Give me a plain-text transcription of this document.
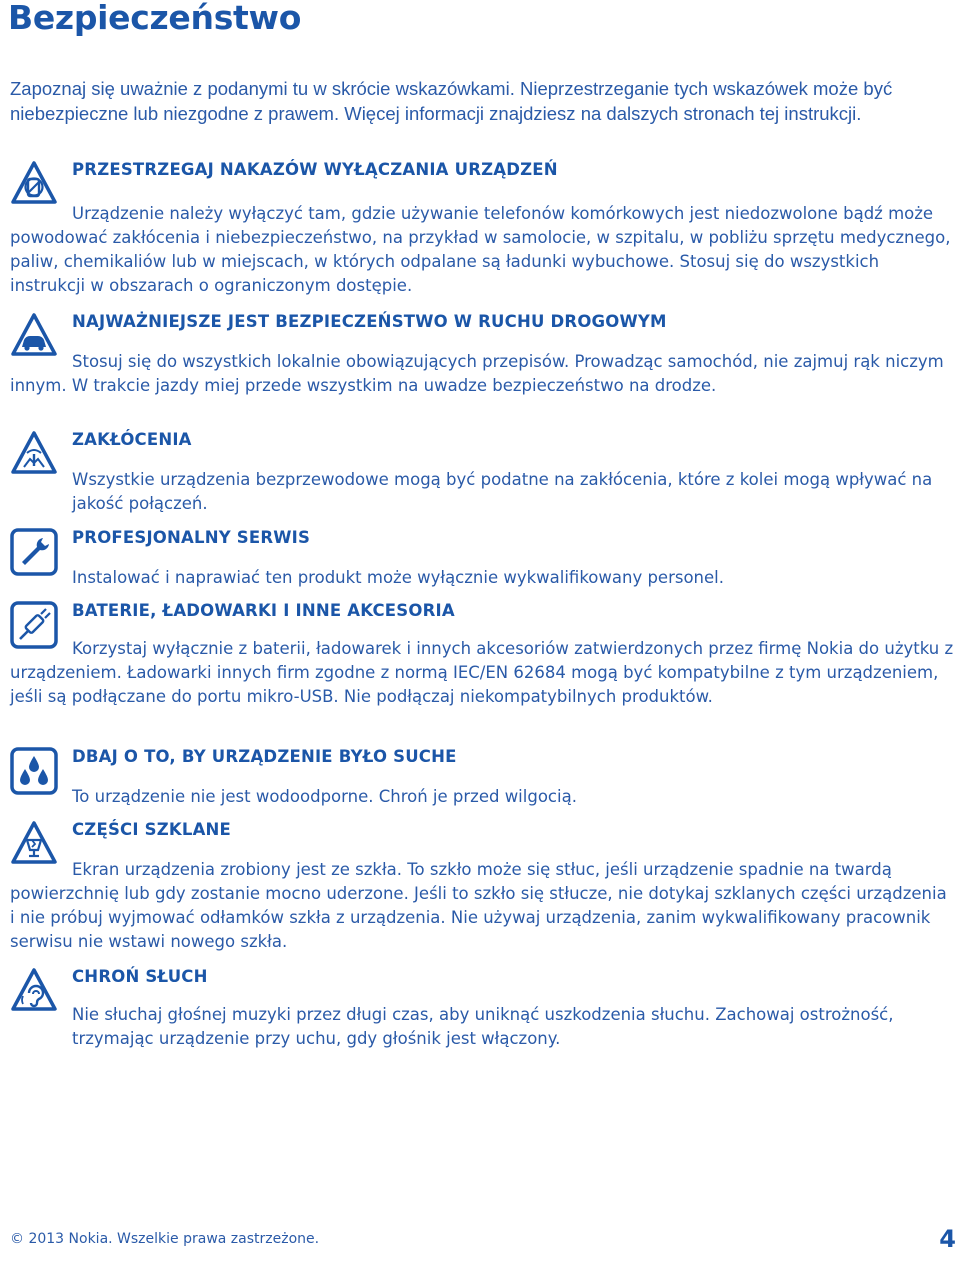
Bezpieczeństwo

Zapoznaj się uważnie z podanymi tu w skrócie wskazówkami. Nieprzestrzeganie tych wskazówek może być niebezpieczne lub niezgodne z prawem. Więcej informacji znajdziesz na dalszych stronach tej instrukcji.

PRZESTRZEGAJ NAKAZÓW WYŁĄCZANIA URZĄDZEŃ

Urządzenie należy wyłączyć tam, gdzie używanie telefonów komórkowych jest niedozwolone bądź może powodować zakłócenia i niebezpieczeństwo, na przykład w samolocie, w szpitalu, w pobliżu sprzętu medycznego, paliw, chemikaliów lub w miejscach, w których odpalane są ładunki wybuchowe. Stosuj się do wszystkich instrukcji w obszarach o ograniczonym dostępie.

NAJWAŻNIEJSZE JEST BEZPIECZEŃSTWO W RUCHU DROGOWYM

Stosuj się do wszystkich lokalnie obowiązujących przepisów. Prowadząc samochód, nie zajmuj rąk niczym innym. W trakcie jazdy miej przede wszystkim na uwadze bezpieczeństwo na drodze.

ZAKŁÓCENIA

Wszystkie urządzenia bezprzewodowe mogą być podatne na zakłócenia, które z kolei mogą wpływać na jakość połączeń.

PROFESJONALNY SERWIS

Instalować i naprawiać ten produkt może wyłącznie wykwalifikowany personel.

BATERIE, ŁADOWARKI I INNE AKCESORIA

Korzystaj wyłącznie z baterii, ładowarek i innych akcesoriów zatwierdzonych przez firmę Nokia do użytku z urządzeniem. Ładowarki innych firm zgodne z normą IEC/EN 62684 mogą być kompatybilne z tym urządzeniem, jeśli są podłączane do portu mikro-USB. Nie podłączaj niekompatybilnych produktów.

DBAJ O TO, BY URZĄDZENIE BYŁO SUCHE

To urządzenie nie jest wodoodporne. Chroń je przed wilgocią.

CZĘŚCI SZKLANE

Ekran urządzenia zrobiony jest ze szkła. To szkło może się stłuc, jeśli urządzenie spadnie na twardą powierzchnię lub gdy zostanie mocno uderzone. Jeśli to szkło się stłucze, nie dotykaj szklanych części urządzenia i nie próbuj wyjmować odłamków szkła z urządzenia. Nie używaj urządzenia, zanim wykwalifikowany pracownik serwisu nie wstawi nowego szkła.

CHROŃ SŁUCH

Nie słuchaj głośnej muzyki przez długi czas, aby uniknąć uszkodzenia słuchu. Zachowaj ostrożność, trzymając urządzenie przy uchu, gdy głośnik jest włączony.

© 2013 Nokia. Wszelkie prawa zastrzeżone.	4
